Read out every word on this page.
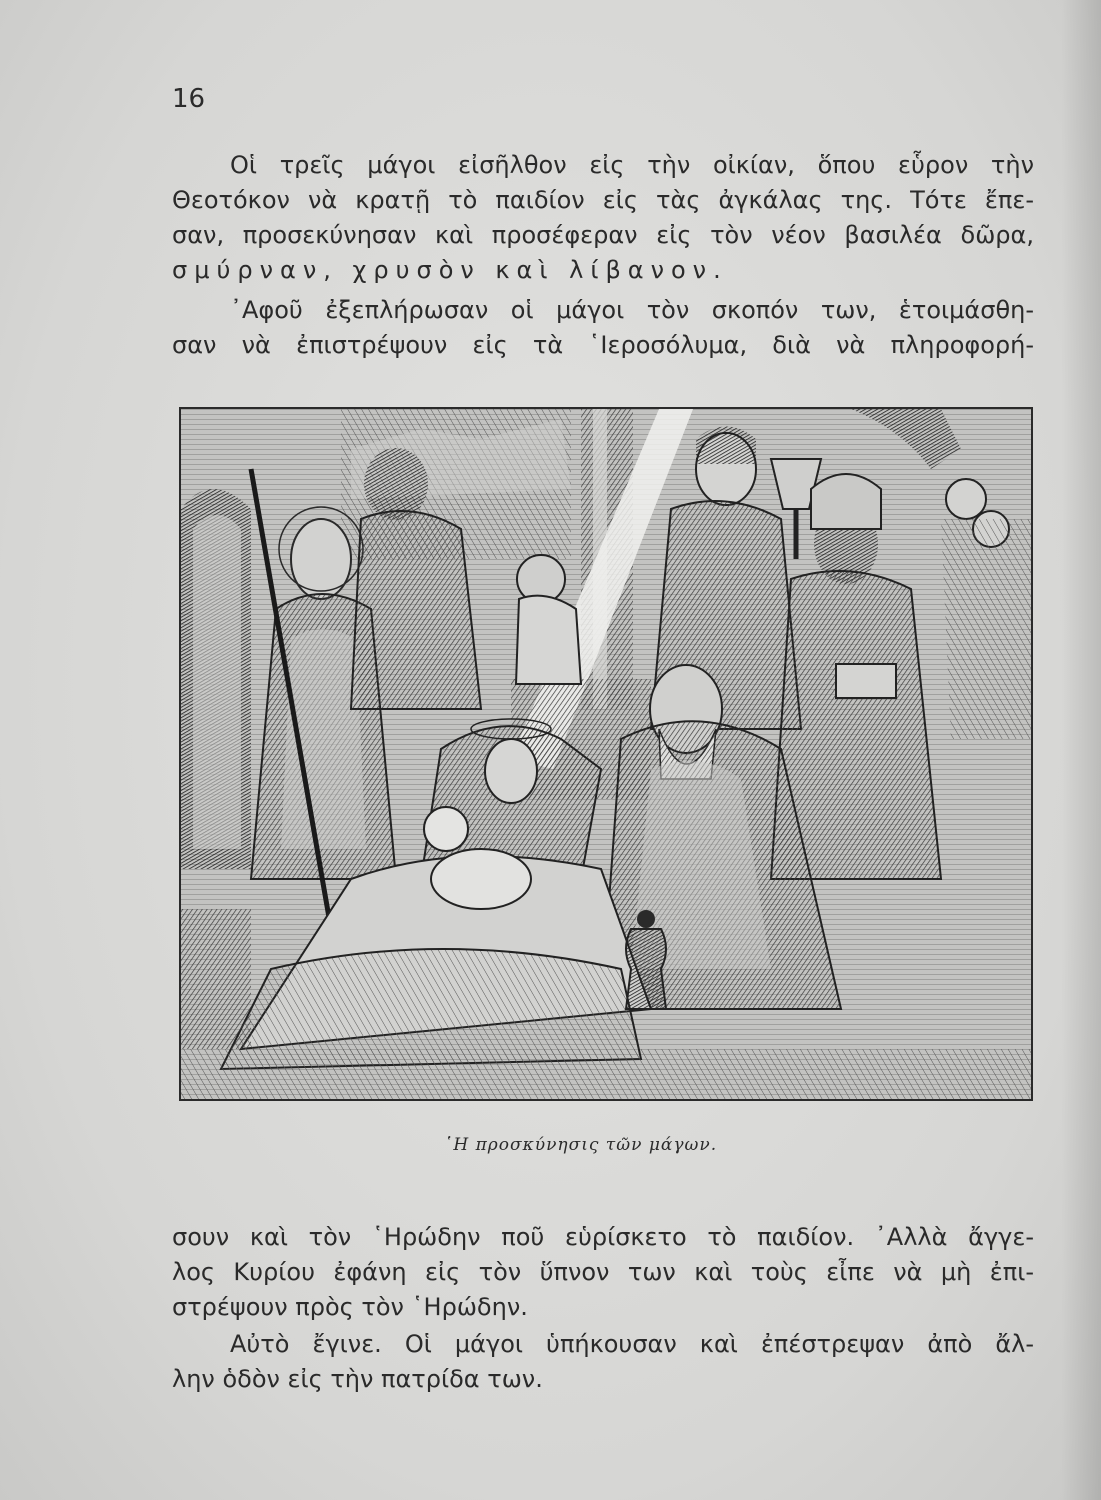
16
Οἱ τρεῖς μάγοι εἰσῆλθον εἰς τὴν οἰκίαν, ὅπου εὗρον τὴν
Θεοτόκον νὰ κρατῇ τὸ παιδίον εἰς τὰς ἀγκάλας της. Τότε ἔπε-
σαν, προσεκύνησαν καὶ προσέφεραν εἰς τὸν νέον βασιλέα δῶρα,
σμύρναν, χρυσὸν καὶ λίβανον.
᾿Αφοῦ ἐξεπλήρωσαν οἱ μάγοι τὸν σκοπόν των, ἑτοιμάσθη-
σαν νὰ ἐπιστρέψουν εἰς τὰ ῾Ιεροσόλυμα, διὰ νὰ πληροφορή-
῾Η προσκύνησις τῶν μάγων.
σουν καὶ τὸν ῾Ηρώδην ποῦ εὑρίσκετο τὸ παιδίον. ᾿Αλλὰ ἄγγε-
λος Κυρίου ἐφάνη εἰς τὸν ὕπνον των καὶ τοὺς εἶπε νὰ μὴ ἐπι-
στρέψουν πρὸς τὸν ῾Ηρώδην.
Αὐτὸ ἔγινε. Οἱ μάγοι ὑπήκουσαν καὶ ἐπέστρεψαν ἀπὸ ἄλ-
λην ὁδὸν εἰς τὴν πατρίδα των.
